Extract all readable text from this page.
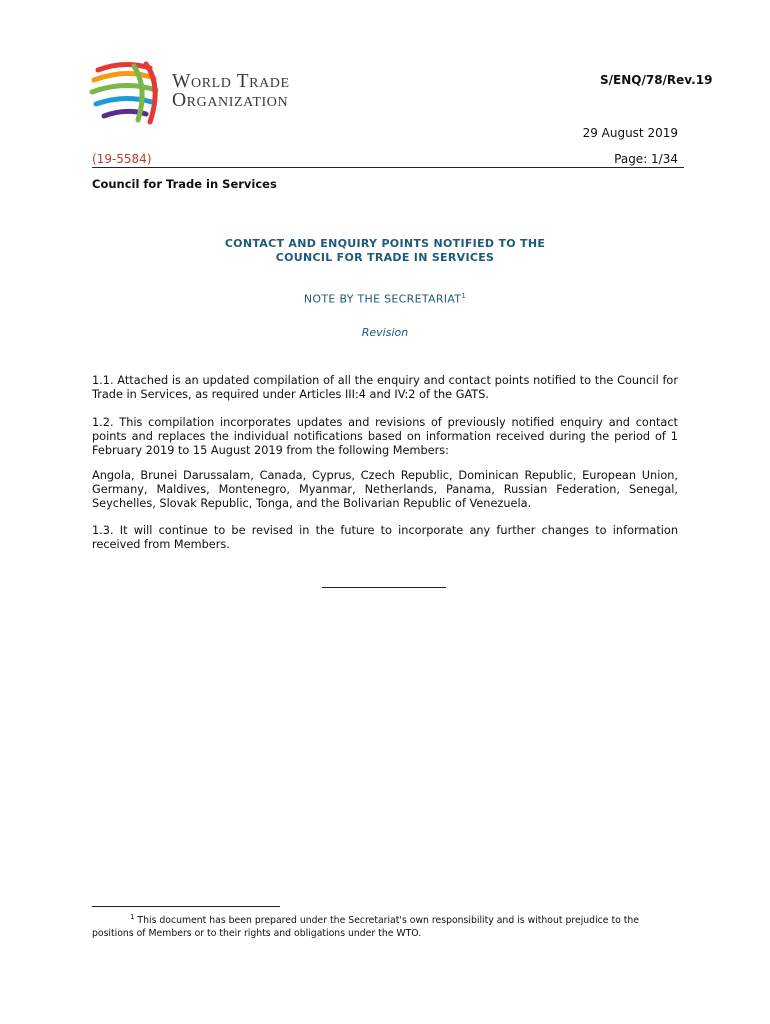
World Trade
Organization
S/ENQ/78/Rev.19
29 August 2019
(19-5584)	Page: 1/34
Council for Trade in Services
CONTACT AND ENQUIRY POINTS NOTIFIED TO THE
COUNCIL FOR TRADE IN SERVICES
NOTE BY THE SECRETARIAT$^1$
Revision
1.1. Attached is an updated compilation of all the enquiry and contact points notified to the Council for Trade in Services, as required under Articles III:4 and IV:2 of the GATS.
1.2. This compilation incorporates updates and revisions of previously notified enquiry and contact points and replaces the individual notifications based on information received during the period of 1 February 2019 to 15 August 2019 from the following Members:
Angola, Brunei Darussalam, Canada, Cyprus, Czech Republic, Dominican Republic, European Union, Germany, Maldives, Montenegro, Myanmar, Netherlands, Panama, Russian Federation, Senegal, Seychelles, Slovak Republic, Tonga, and the Bolivarian Republic of Venezuela.
1.3. It will continue to be revised in the future to incorporate any further changes to information received from Members.
$^1$ This document has been prepared under the Secretariat's own responsibility and is without prejudice to the positions of Members or to their rights and obligations under the WTO.
